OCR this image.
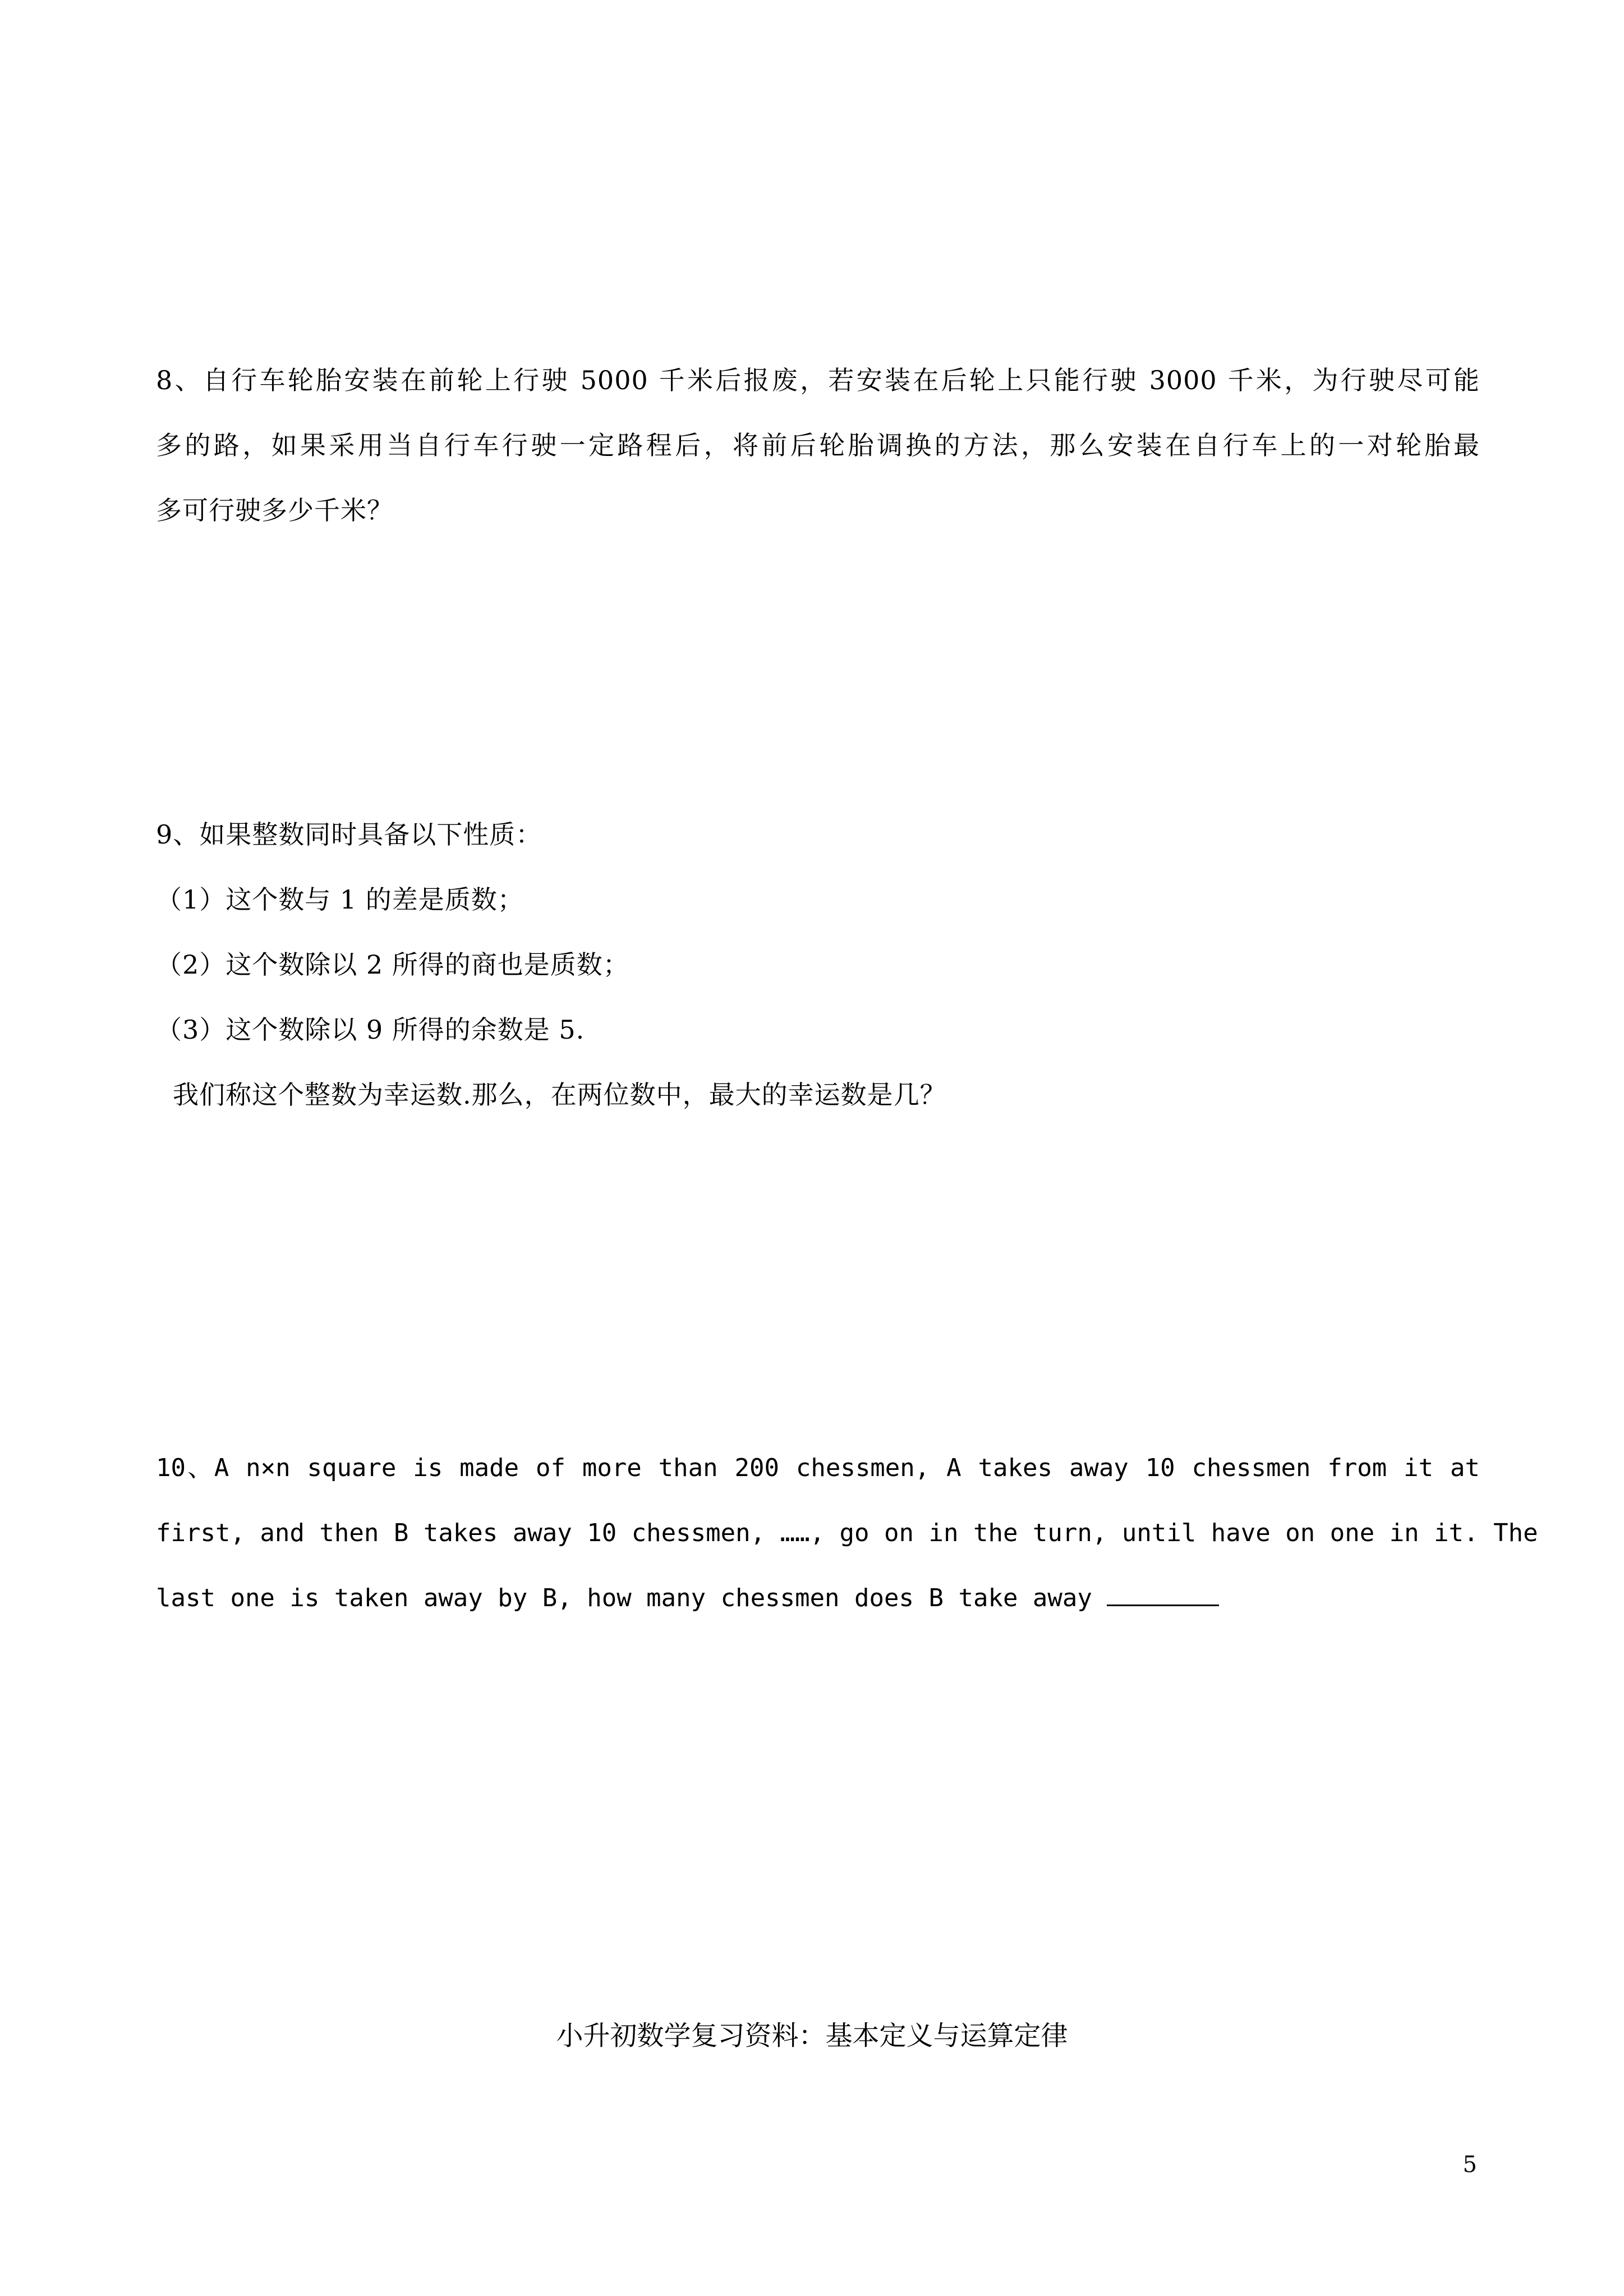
8、自行车轮胎安装在前轮上行驶 5000 千米后报废，若安装在后轮上只能行驶 3000 千米，为行驶尽可能

多的路，如果采用当自行车行驶一定路程后，将前后轮胎调换的方法，那么安装在自行车上的一对轮胎最

多可行驶多少千米？

9、如果整数同时具备以下性质：

（1）这个数与 1 的差是质数；

（2）这个数除以 2 所得的商也是质数；

（3）这个数除以 9 所得的余数是 5.

我们称这个整数为幸运数.那么，在两位数中，最大的幸运数是几？

10、A n×n square is made of more than 200 chessmen, A takes away 10 chessmen from it at

first, and then B takes away 10 chessmen, ……, go on in the turn, until have on one in it. The

last one is taken away by B, how many chessmen does B take away

小升初数学复习资料：基本定义与运算定律
5
